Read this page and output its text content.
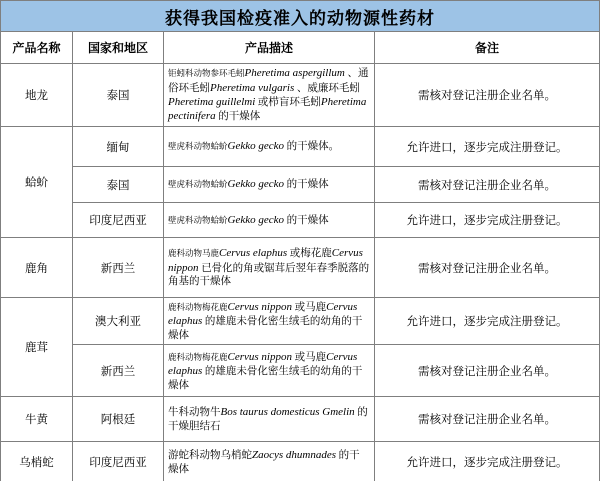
获得我国检疫准入的动物源性药材			
产品名称	国家和地区	产品描述	备注
地龙	泰国	钜蚓科动物参环毛蚓Pheretima aspergillum 、通俗环毛蚓Pheretima vulgaris 、威廉环毛蚓Pheretima guillelmi 或栉盲环毛蚓Pheretima pectinifera 的干燥体	需核对登记注册企业名单。
蛤蚧	缅甸	壁虎科动物蛤蚧Gekko gecko 的干燥体。	允许进口，逐步完成注册登记。
	泰国	壁虎科动物蛤蚧Gekko gecko 的干燥体	需核对登记注册企业名单。
	印度尼西亚	壁虎科动物蛤蚧Gekko gecko 的干燥体	允许进口，逐步完成注册登记。
鹿角	新西兰	鹿科动物马鹿Cervus elaphus 或梅花鹿Cervus nippon 已骨化的角或锯茸后翌年春季脱落的角基的干燥体	需核对登记注册企业名单。
鹿茸	澳大利亚	鹿科动物梅花鹿Cervus nippon 或马鹿Cervus elaphus 的雄鹿未骨化密生绒毛的幼角的干燥体	允许进口，逐步完成注册登记。
	新西兰	鹿科动物梅花鹿Cervus nippon 或马鹿Cervus elaphus 的雄鹿未骨化密生绒毛的幼角的干燥体	需核对登记注册企业名单。
牛黄	阿根廷	牛科动物牛Bos taurus domesticus Gmelin 的干燥胆结石	需核对登记注册企业名单。
乌梢蛇	印度尼西亚	游蛇科动物乌梢蛇Zaocys dhumnades 的干燥体	允许进口，逐步完成注册登记。
